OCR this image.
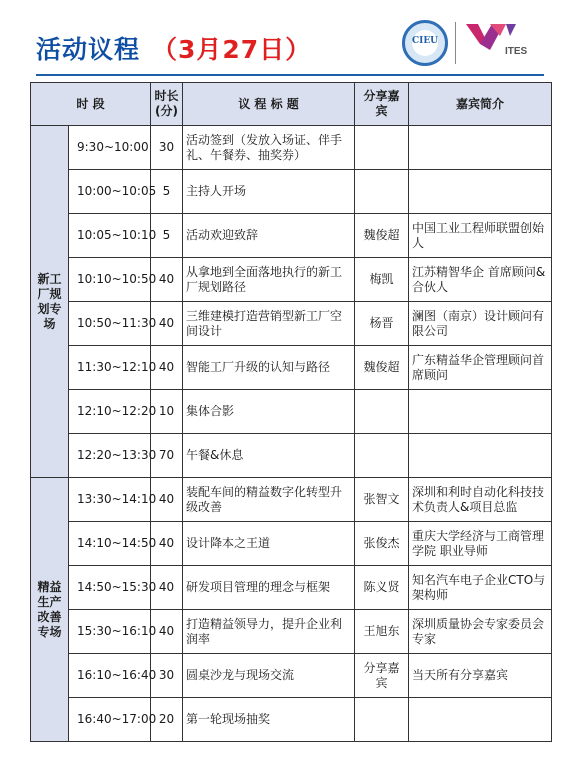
活动议程 （3月27日）	CIEU
ITES
时 段		时长
(分)	议 程 标 题	分享嘉宾	嘉宾简介
新工厂规划专场	9:30~10:00	30	活动签到（发放入场证、伴手礼、午餐券、抽奖券）		
	10:00~10:05	5	主持人开场		
	10:05~10:10	5	活动欢迎致辞	魏俊超	中国工业工程师联盟创始人
	10:10~10:50	40	从拿地到全面落地执行的新工厂规划路径	梅凯	江苏精智华企 首席顾问&合伙人
	10:50~11:30	40	三维建模打造营销型新工厂空间设计	杨晋	澜图（南京）设计顾问有限公司
	11:30~12:10	40	智能工厂升级的认知与路径	魏俊超	广东精益华企管理顾问首席顾问
	12:10~12:20	10	集体合影		
	12:20~13:30	70	午餐&休息		
精益生产改善专场	13:30~14:10	40	装配车间的精益数字化转型升级改善	张智文	深圳和利时自动化科技技术负责人&项目总监
	14:10~14:50	40	设计降本之王道	张俊杰	重庆大学经济与工商管理学院 职业导师
	14:50~15:30	40	研发项目管理的理念与框架	陈义贤	知名汽车电子企业CTO与架构师
	15:30~16:10	40	打造精益领导力，提升企业利润率	王旭东	深圳质量协会专家委员会专家
	16:10~16:40	30	圆桌沙龙与现场交流	分享嘉宾	当天所有分享嘉宾
	16:40~17:00	20	第一轮现场抽奖		
